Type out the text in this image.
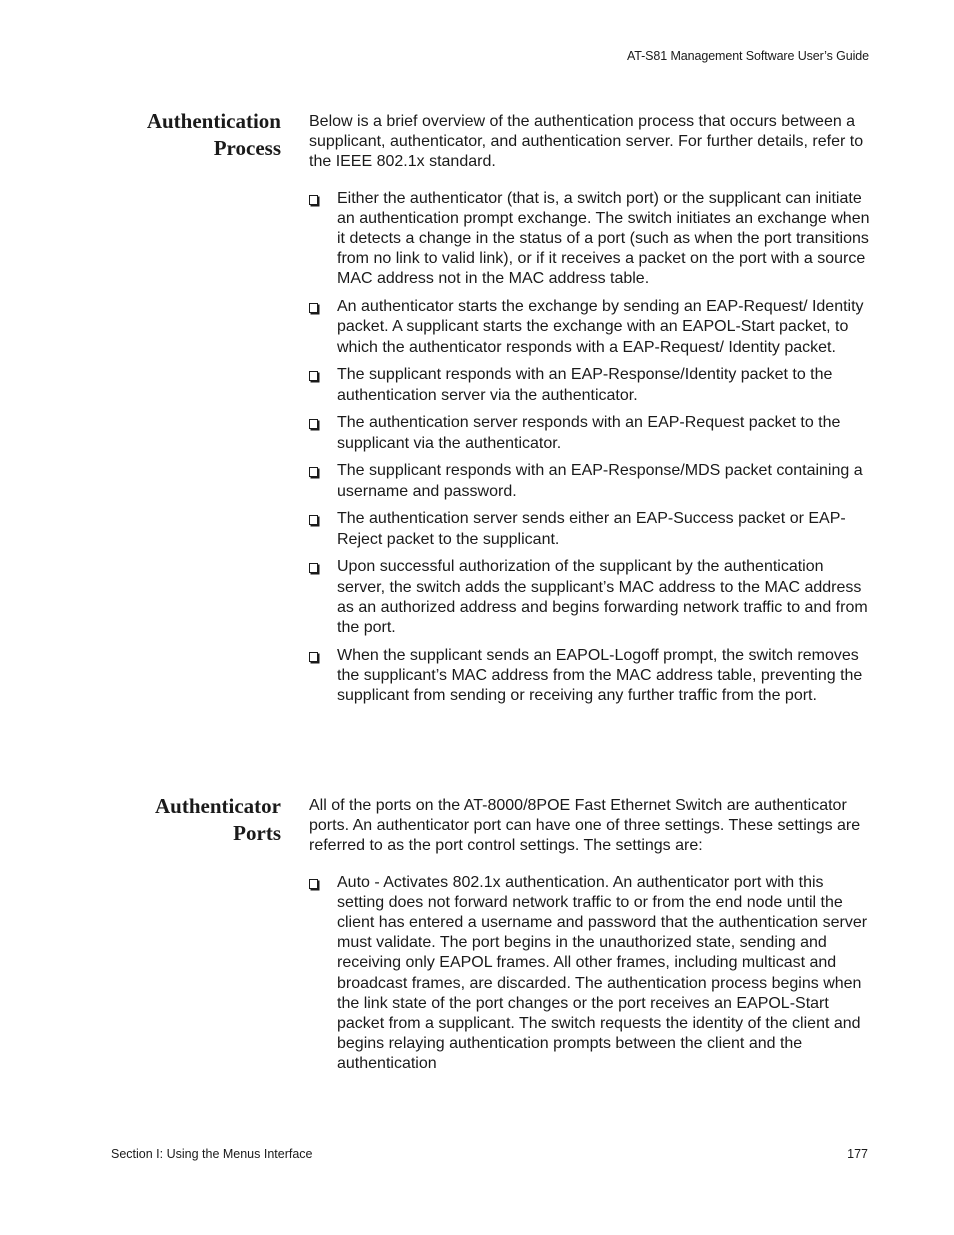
AT-S81 Management Software User’s Guide
Authentication
Process

Below is a brief overview of the authentication process that occurs between a supplicant, authenticator, and authentication server. For further details, refer to the IEEE 802.1x standard.

Either the authenticator (that is, a switch port) or the supplicant can initiate an authentication prompt exchange. The switch initiates an exchange when it detects a change in the status of a port (such as when the port transitions from no link to valid link), or if it receives a packet on the port with a source MAC address not in the MAC address table.
An authenticator starts the exchange by sending an EAP-Request/ Identity packet. A supplicant starts the exchange with an EAPOL-Start packet, to which the authenticator responds with a EAP-Request/ Identity packet.
The supplicant responds with an EAP-Response/Identity packet to the authentication server via the authenticator.
The authentication server responds with an EAP-Request packet to the supplicant via the authenticator.
The supplicant responds with an EAP-Response/MDS packet containing a username and password.
The authentication server sends either an EAP-Success packet or EAP-Reject packet to the supplicant.
Upon successful authorization of the supplicant by the authentication server, the switch adds the supplicant’s MAC address to the MAC address as an authorized address and begins forwarding network traffic to and from the port.
When the supplicant sends an EAPOL-Logoff prompt, the switch removes the supplicant’s MAC address from the MAC address table, preventing the supplicant from sending or receiving any further traffic from the port.
Authenticator
Ports

All of the ports on the AT-8000/8POE Fast Ethernet Switch are authenticator ports. An authenticator port can have one of three settings. These settings are referred to as the port control settings. The settings are:

Auto - Activates 802.1x authentication. An authenticator port with this setting does not forward network traffic to or from the end node until the client has entered a username and password that the authentication server must validate. The port begins in the unauthorized state, sending and receiving only EAPOL frames. All other frames, including multicast and broadcast frames, are discarded. The authentication process begins when the link state of the port changes or the port receives an EAPOL-Start packet from a supplicant. The switch requests the identity of the client and begins relaying authentication prompts between the client and the authentication
Section I: Using the Menus Interface	177
